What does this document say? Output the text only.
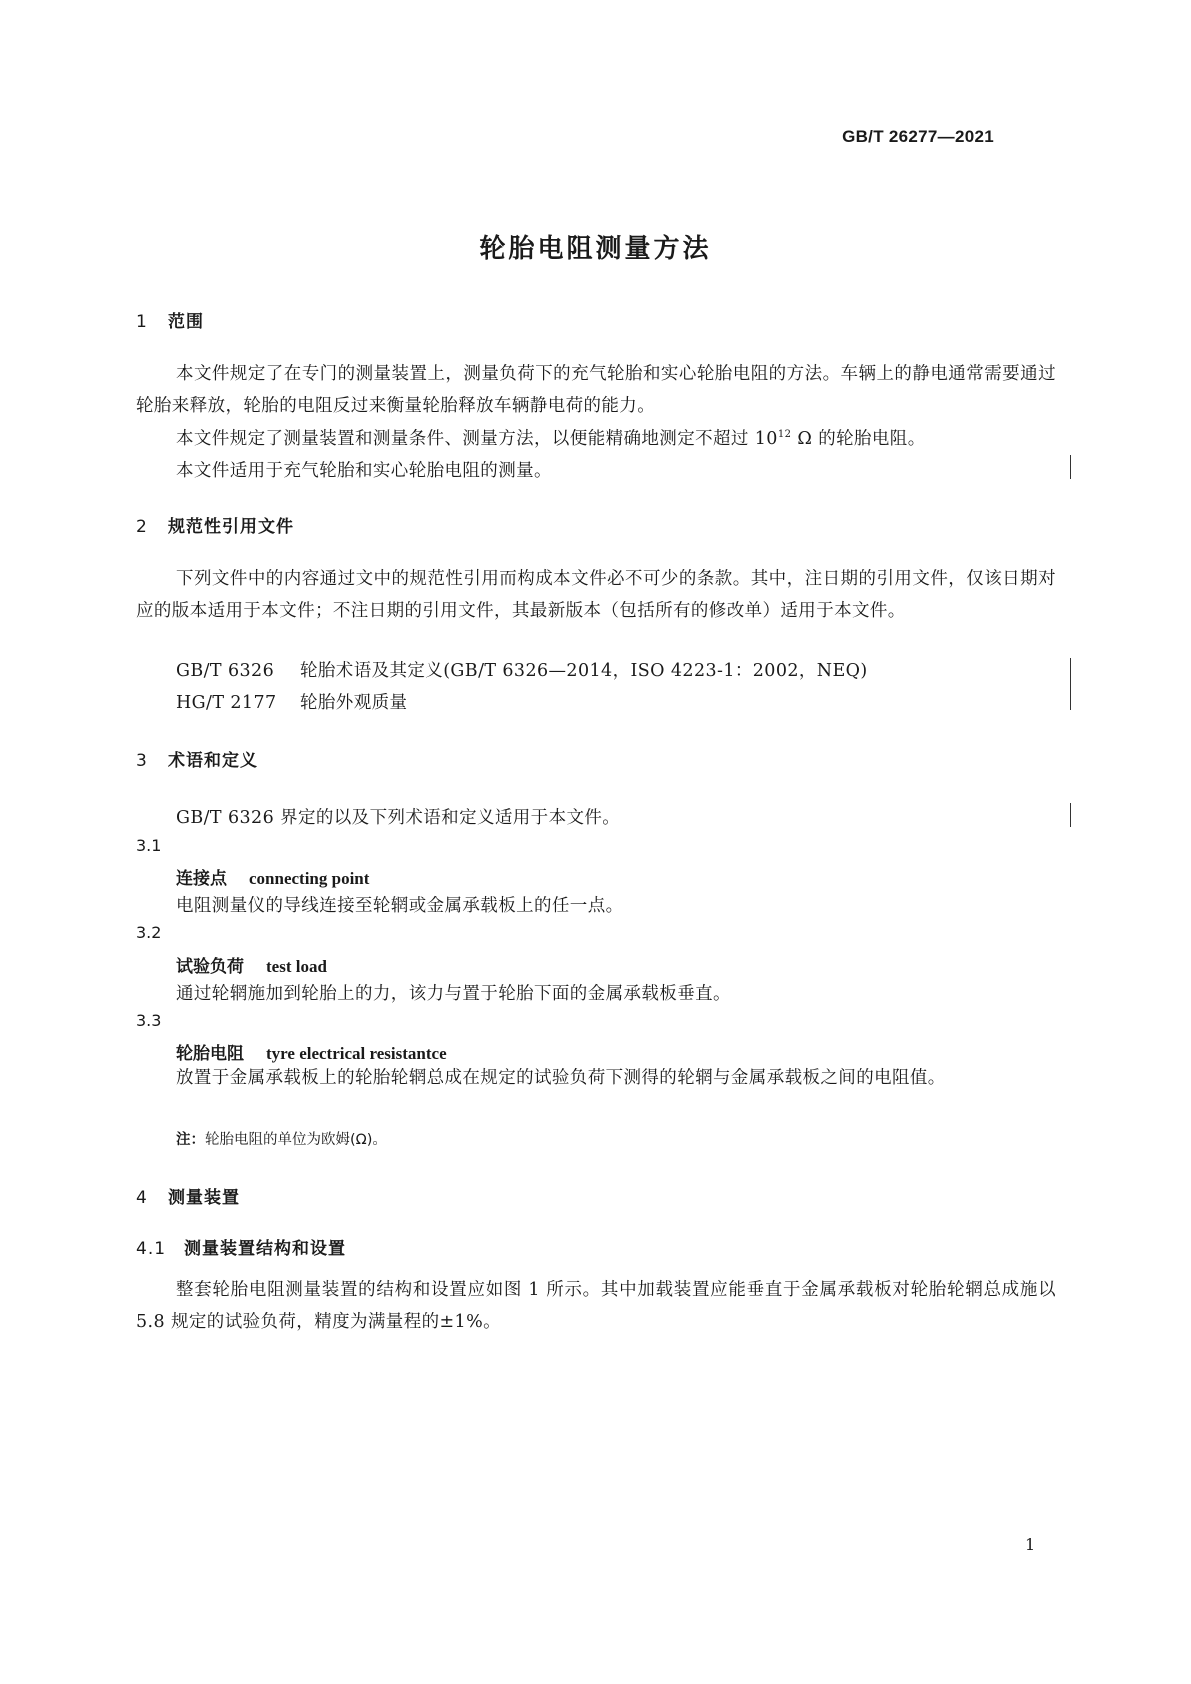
GB/T 26277—2021
轮胎电阻测量方法
1 范围
本文件规定了在专门的测量装置上，测量负荷下的充气轮胎和实心轮胎电阻的方法。车辆上的静电通常需要通过轮胎来释放，轮胎的电阻反过来衡量轮胎释放车辆静电荷的能力。
本文件规定了测量装置和测量条件、测量方法，以便能精确地测定不超过 $10^{12}$ Ω 的轮胎电阻。
本文件适用于充气轮胎和实心轮胎电阻的测量。
2 规范性引用文件
下列文件中的内容通过文中的规范性引用而构成本文件必不可少的条款。其中，注日期的引用文件，仅该日期对应的版本适用于本文件；不注日期的引用文件，其最新版本（包括所有的修改单）适用于本文件。
GB/T 6326 轮胎术语及其定义(GB/T 6326—2014，ISO 4223-1：2002，NEQ)
HG/T 2177 轮胎外观质量
3 术语和定义
GB/T 6326 界定的以及下列术语和定义适用于本文件。
3.1
连接点 connecting point
电阻测量仪的导线连接至轮辋或金属承载板上的任一点。
3.2
试验负荷 test load
通过轮辋施加到轮胎上的力，该力与置于轮胎下面的金属承载板垂直。
3.3
轮胎电阻 tyre electrical resistantce
放置于金属承载板上的轮胎轮辋总成在规定的试验负荷下测得的轮辋与金属承载板之间的电阻值。
注：轮胎电阻的单位为欧姆(Ω)。
4 测量装置
4.1 测量装置结构和设置
整套轮胎电阻测量装置的结构和设置应如图 1 所示。其中加载装置应能垂直于金属承载板对轮胎轮辋总成施以 5.8 规定的试验负荷，精度为满量程的±1%。
1
